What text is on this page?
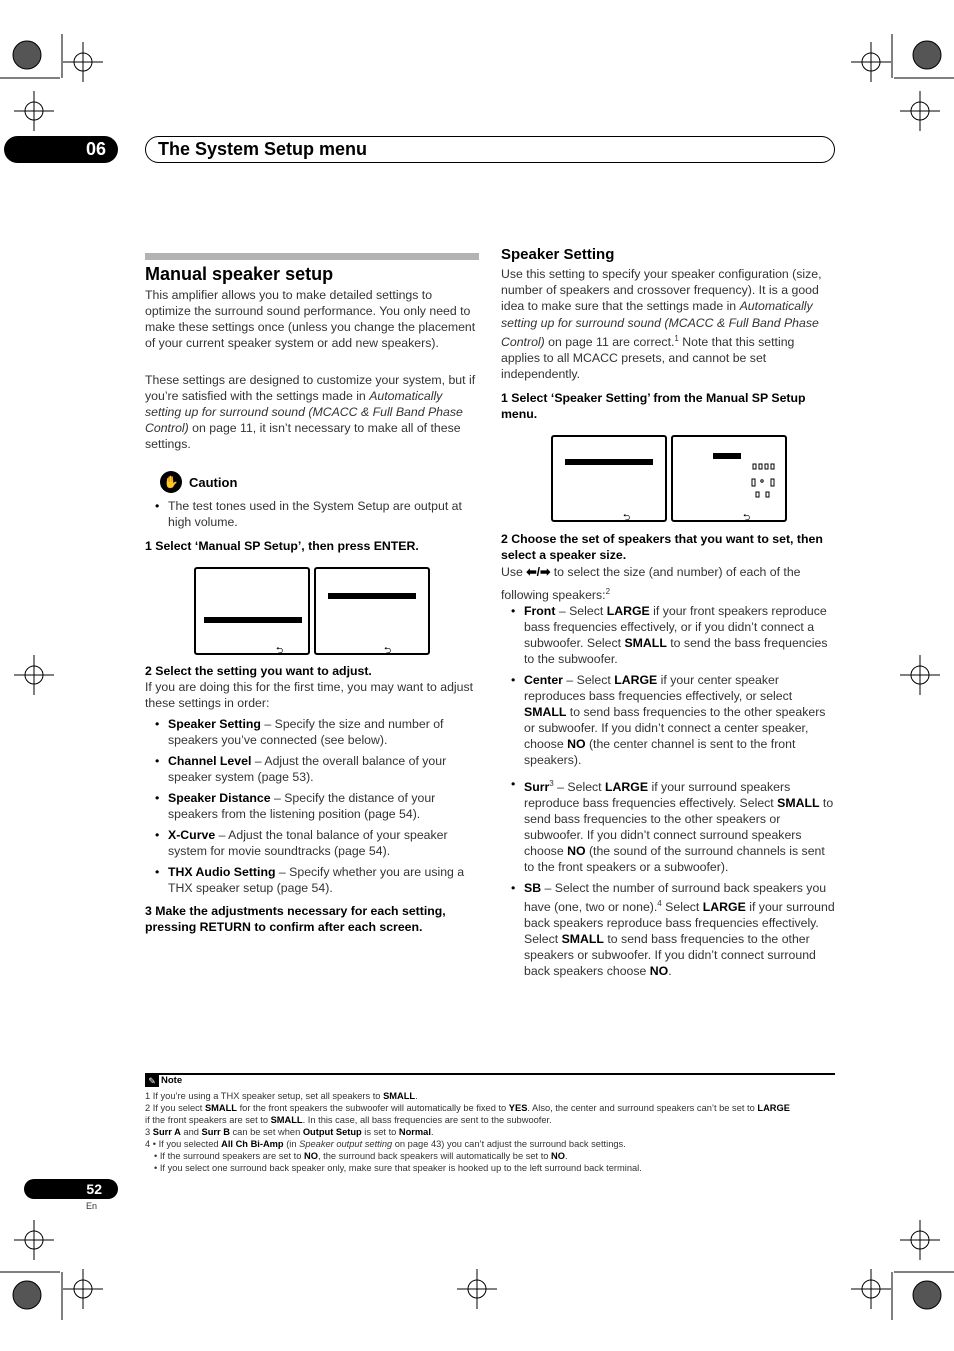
06	The System Setup menu
Manual speaker setup

This amplifier allows you to make detailed settings to optimize the surround sound performance. You only need to make these settings once (unless you change the placement of your current speaker system or add new speakers).

These settings are designed to customize your system, but if you’re satisfied with the settings made in Automatically setting up for surround sound (MCACC & Full Band Phase Control) on page 11, it isn’t necessary to make all of these settings.

✋ Caution
• The test tones used in the System Setup are output at high volume.
1 Select ‘Manual SP Setup’, then press ENTER.
⮌	⮌
2 Select the setting you want to adjust.

If you are doing this for the first time, you may want to adjust these settings in order:

• Speaker Setting – Specify the size and number of speakers you’ve connected (see below).
• Channel Level – Adjust the overall balance of your speaker system (page 53).
• Speaker Distance – Specify the distance of your speakers from the listening position (page 54).
• X-Curve – Adjust the tonal balance of your speaker system for movie soundtracks (page 54).
• THX Audio Setting – Specify whether you are using a THX speaker setup (page 54).
3 Make the adjustments necessary for each setting, pressing RETURN to confirm after each screen.
Speaker Setting

Use this setting to specify your speaker configuration (size, number of speakers and crossover frequency). It is a good idea to make sure that the settings made in Automatically setting up for surround sound (MCACC & Full Band Phase Control) on page 11 are correct.$^1$ Note that this setting applies to all MCACC presets, and cannot be set independently.

1 Select ‘Speaker Setting’ from the Manual SP Setup menu.
⮌	⮌
2 Choose the set of speakers that you want to set, then select a speaker size.

Use ⬅/➡ to select the size (and number) of each of the following speakers:$^2$

• Front – Select LARGE if your front speakers reproduce bass frequencies effectively, or if you didn’t connect a subwoofer. Select SMALL to send the bass frequencies to the subwoofer.
• Center – Select LARGE if your center speaker reproduces bass frequencies effectively, or select SMALL to send bass frequencies to the other speakers or subwoofer. If you didn’t connect a center speaker, choose NO (the center channel is sent to the front speakers).
• Surr$^3$ – Select LARGE if your surround speakers reproduce bass frequencies effectively. Select SMALL to send bass frequencies to the other speakers or subwoofer. If you didn’t connect surround speakers choose NO (the sound of the surround channels is sent to the front speakers or a subwoofer).
• SB – Select the number of surround back speakers you have (one, two or none).$^4$ Select LARGE if your surround back speakers reproduce bass frequencies effectively. Select SMALL to send bass frequencies to the other speakers or subwoofer. If you didn’t connect surround back speakers choose NO.
✎ Note
1 If you’re using a THX speaker setup, set all speakers to SMALL.
2 If you select SMALL for the front speakers the subwoofer will automatically be fixed to YES. Also, the center and surround speakers can’t be set to LARGE
if the front speakers are set to SMALL. In this case, all bass frequencies are sent to the subwoofer.
3 Surr A and Surr B can be set when Output Setup is set to Normal.
4 • If you selected All Ch Bi-Amp (in Speaker output setting on page 43) you can’t adjust the surround back settings.
• If the surround speakers are set to NO, the surround back speakers will automatically be set to NO.
• If you select one surround back speaker only, make sure that speaker is hooked up to the left surround back terminal.
52
En
